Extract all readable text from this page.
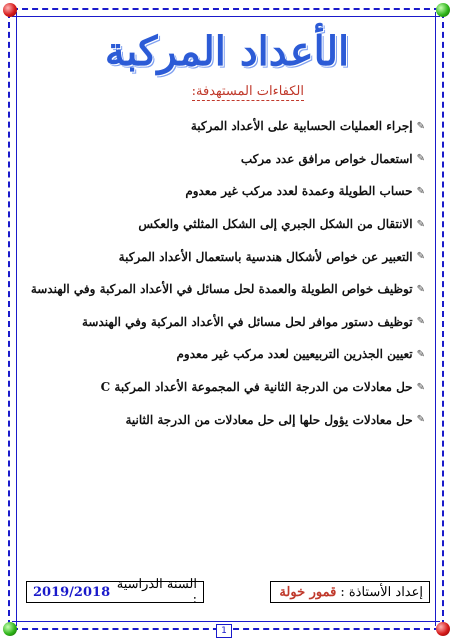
الأعداد المركبة
الكفاءات المستهدفة:
✎
إجراء العمليات الحسابية على الأعداد المركبة
✎
استعمال خواص مرافق عدد مركب
✎
حساب الطويلة وعمدة لعدد مركب غير معدوم
✎
الانتقال من الشكل الجبري إلى الشكل المثلثي والعكس
✎
التعبير عن خواص لأشكال هندسية باستعمال الأعداد المركبة
✎
توظيف خواص الطويلة والعمدة لحل مسائل في الأعداد المركبة وفي الهندسة
✎
توظيف دستور موافر لحل مسائل في الأعداد المركبة وفي الهندسة
✎
تعيين الجذرين التربيعيين لعدد مركب غير معدوم
✎
حل معادلات من الدرجة الثانية في المجموعة الأعداد المركبة C
✎
حل معادلات يؤول حلها إلى حل معادلات من الدرجة الثانية
إعداد الأستاذة :
قمور خولة
السنة الدراسية :
2019/2018
1
